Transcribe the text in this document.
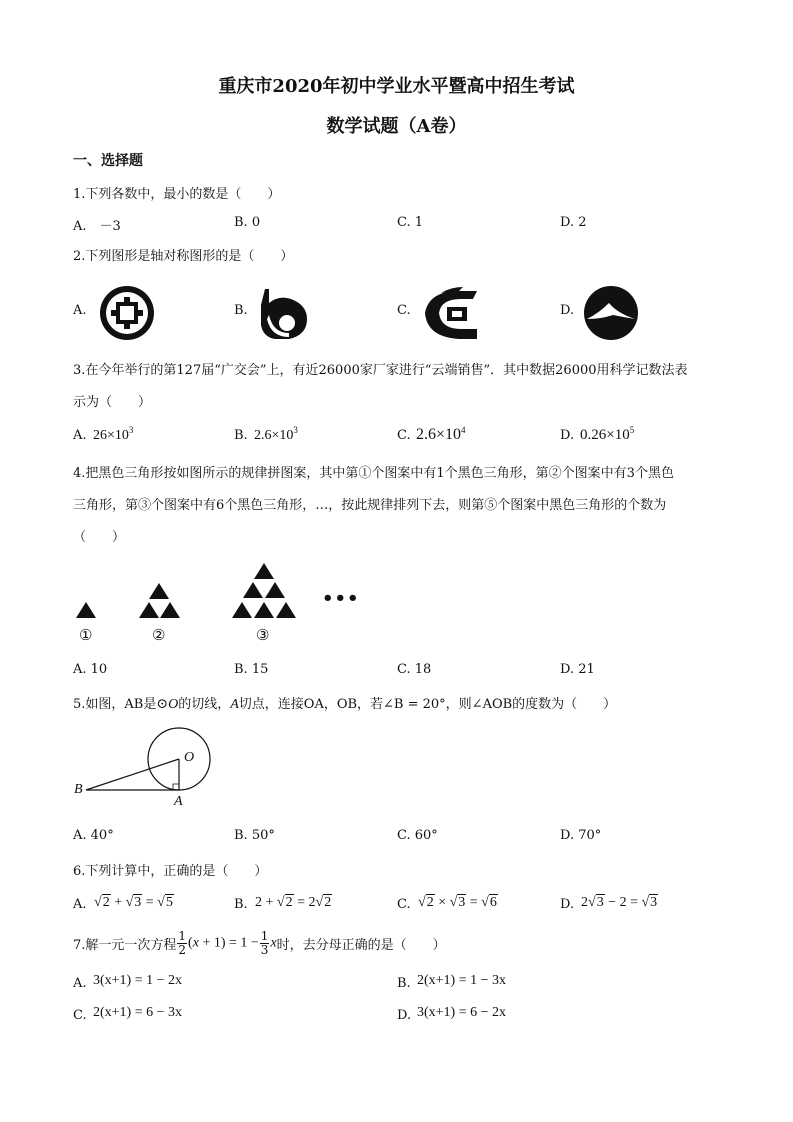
重庆市2020年初中学业水平暨高中招生考试
数学试题（A卷）
一、选择题
1.下列各数中，最小的数是（　　）
A.　－3	B. 0	C. 1	D. 2
2.下列图形是轴对称图形的是（　　）
A.	B.	C.	D.
3.在今年举行的第127届“广交会”上，有近26000家厂家进行“云端销售”．其中数据26000用科学记数法表
示为（　　）
A. $26\times 10^3$	B. $2.6\times 10^3$	C. $2.6\times 10^4$	D. $0.26\times 10^5$
4.把黑色三角形按如图所示的规律拼图案，其中第①个图案中有1个黑色三角形，第②个图案中有3个黑色
三角形，第③个图案中有6个黑色三角形，…，按此规律排列下去，则第⑤个图案中黑色三角形的个数为
（　　）
•••
①	②	③
A. 10	B. 15	C. 18	D. 21
5.如图，AB是⊙O的切线，A切点，连接OA，OB，若∠B = 20°，则∠AOB的度数为（　　）
O
B
A
A. 40°	B. 50°	C. 60°	D. 70°
6.下列计算中，正确的是（　　）
A. √2 + √3 = √5	B. 2 + √2 = 2√2	C. √2 × √3 = √6	D. 2√3 − 2 = √3
7.解一元一次方程 $\frac{1}{2} (x + 1) = 1 - \frac{1}{3}$ x时，去分母正确的是（　　）
A. 3(x+1) = 1 − 2x	B. 2(x+1) = 1 − 3x
C. 2(x+1) = 6 − 3x	D. 3(x+1) = 6 − 2x
